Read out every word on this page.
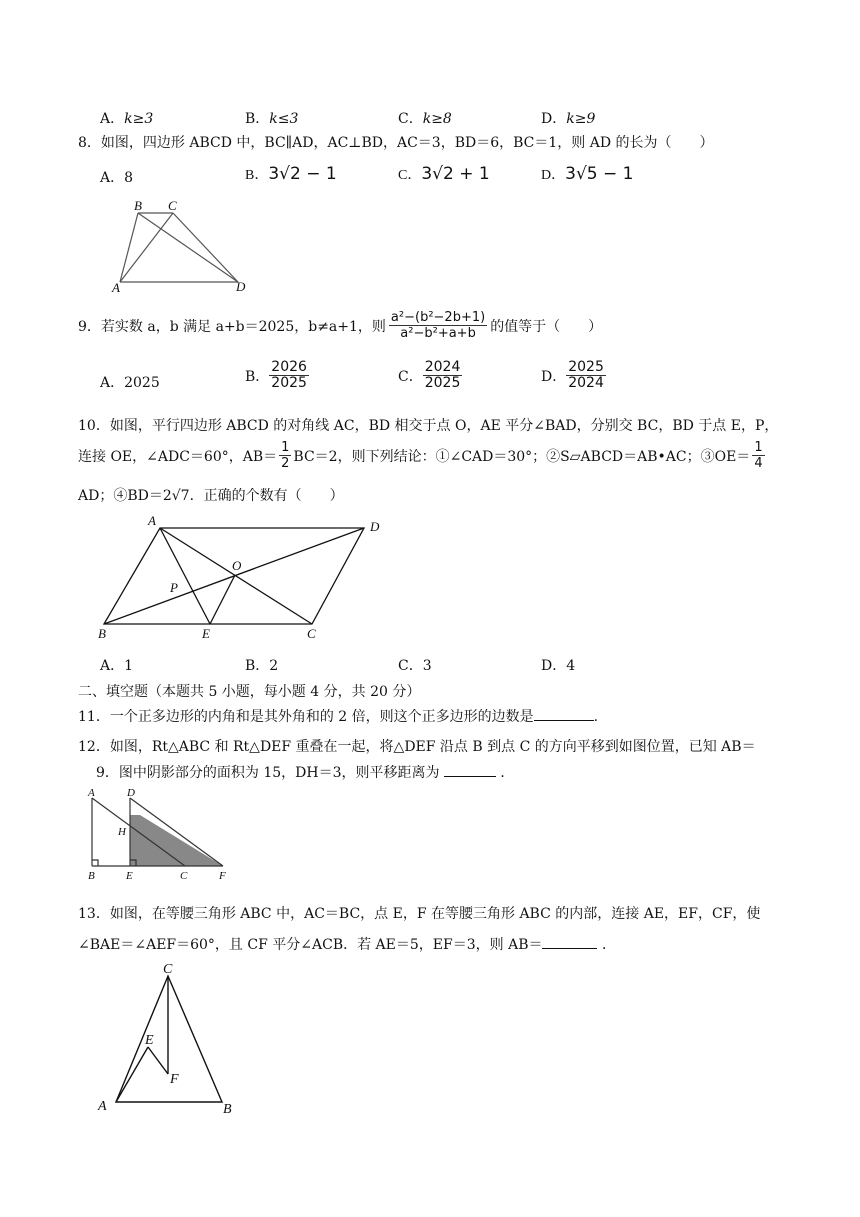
A．k≥3	B．k≤3	C．k≥8	D．k≥9
8．如图，四边形 ABCD 中，BC∥AD，AC⊥BD，AC＝3，BD＝6，BC＝1，则 AD 的长为（　　）
A．8	B．3√2 − 1	C．3√2 + 1	D．3√5 − 1
B C
A	D
9．若实数 a，b 满足 a+b＝2025，b≠a+1，则 $\frac{\text{a²−(b²−2b+1)}}{\text{a²−b²+a+b}}$ 的值等于（　　）
A．2025	B． $\frac{2026}{2025}$	C． $\frac{2024}{2025}$	D． $\frac{2025}{2024}$
10．如图，平行四边形 ABCD 的对角线 AC，BD 相交于点 O，AE 平分∠BAD，分别交 BC，BD 于点 E，P，
连接 OE，∠ADC＝60°，$AB= \frac{1}{2} BC=2$，则下列结论：①∠CAD＝30°；②S▱ABCD＝AB•AC；③OE＝ $\frac{1}{4}$
AD；④BD＝2√7．正确的个数有（　　）
A	D
O
P
B	E	C
A．1	B．2	C．3	D．4
二、填空题（本题共 5 小题，每小题 4 分，共 20 分）
11．一个正多边形的内角和是其外角和的 2 倍，则这个正多边形的边数是	.
12．如图，Rt△ABC 和 Rt△DEF 重叠在一起，将△DEF 沿点 B 到点 C 的方向平移到如图位置，已知 AB＝
9．图中阴影部分的面积为 15，DH＝3，则平移距离为	．
A	D
H
B	E	C	F
13．如图，在等腰三角形 ABC 中，AC＝BC，点 E，F 在等腰三角形 ABC 的内部，连接 AE，EF，CF，使
∠BAE＝∠AEF＝60°，且 CF 平分∠ACB．若 AE＝5，EF＝3，则 AB＝	．
C
E
F
A	B
